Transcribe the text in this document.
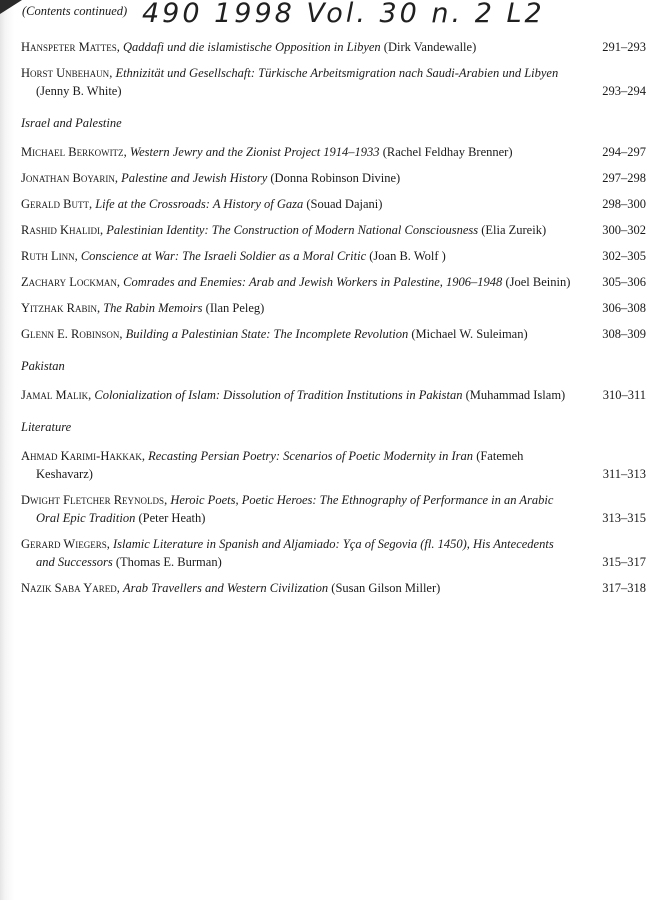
(Contents continued) 490 1998 Vol. 30 n. 2 L2
Hanspeter Mattes, Qaddafi und die islamistische Opposition in Libyen (Dirk Vandewalle)	291–293
Horst Unbehaun, Ethnizität und Gesellschaft: Türkische Arbeitsmigration nach Saudi-Arabien und Libyen (Jenny B. White)	293–294
Israel and Palestine
Michael Berkowitz, Western Jewry and the Zionist Project 1914–1933 (Rachel Feldhay Brenner)	294–297
Jonathan Boyarin, Palestine and Jewish History (Donna Robinson Divine)	297–298
Gerald Butt, Life at the Crossroads: A History of Gaza (Souad Dajani)	298–300
Rashid Khalidi, Palestinian Identity: The Construction of Modern National Consciousness (Elia Zureik)	300–302
Ruth Linn, Conscience at War: The Israeli Soldier as a Moral Critic (Joan B. Wolf )	302–305
Zachary Lockman, Comrades and Enemies: Arab and Jewish Workers in Palestine, 1906–1948 (Joel Beinin)	305–306
Yitzhak Rabin, The Rabin Memoirs (Ilan Peleg)	306–308
Glenn E. Robinson, Building a Palestinian State: The Incomplete Revolution (Michael W. Suleiman)	308–309
Pakistan
Jamal Malik, Colonialization of Islam: Dissolution of Tradition Institutions in Pakistan (Muhammad Islam)	310–311
Literature
Ahmad Karimi-Hakkak, Recasting Persian Poetry: Scenarios of Poetic Modernity in Iran (Fatemeh Keshavarz)	311–313
Dwight Fletcher Reynolds, Heroic Poets, Poetic Heroes: The Ethnography of Performance in an Arabic Oral Epic Tradition (Peter Heath)	313–315
Gerard Wiegers, Islamic Literature in Spanish and Aljamiado: Yça of Segovia (fl. 1450), His Antecedents and Successors (Thomas E. Burman)	315–317
Nazik Saba Yared, Arab Travellers and Western Civilization (Susan Gilson Miller)	317–318
